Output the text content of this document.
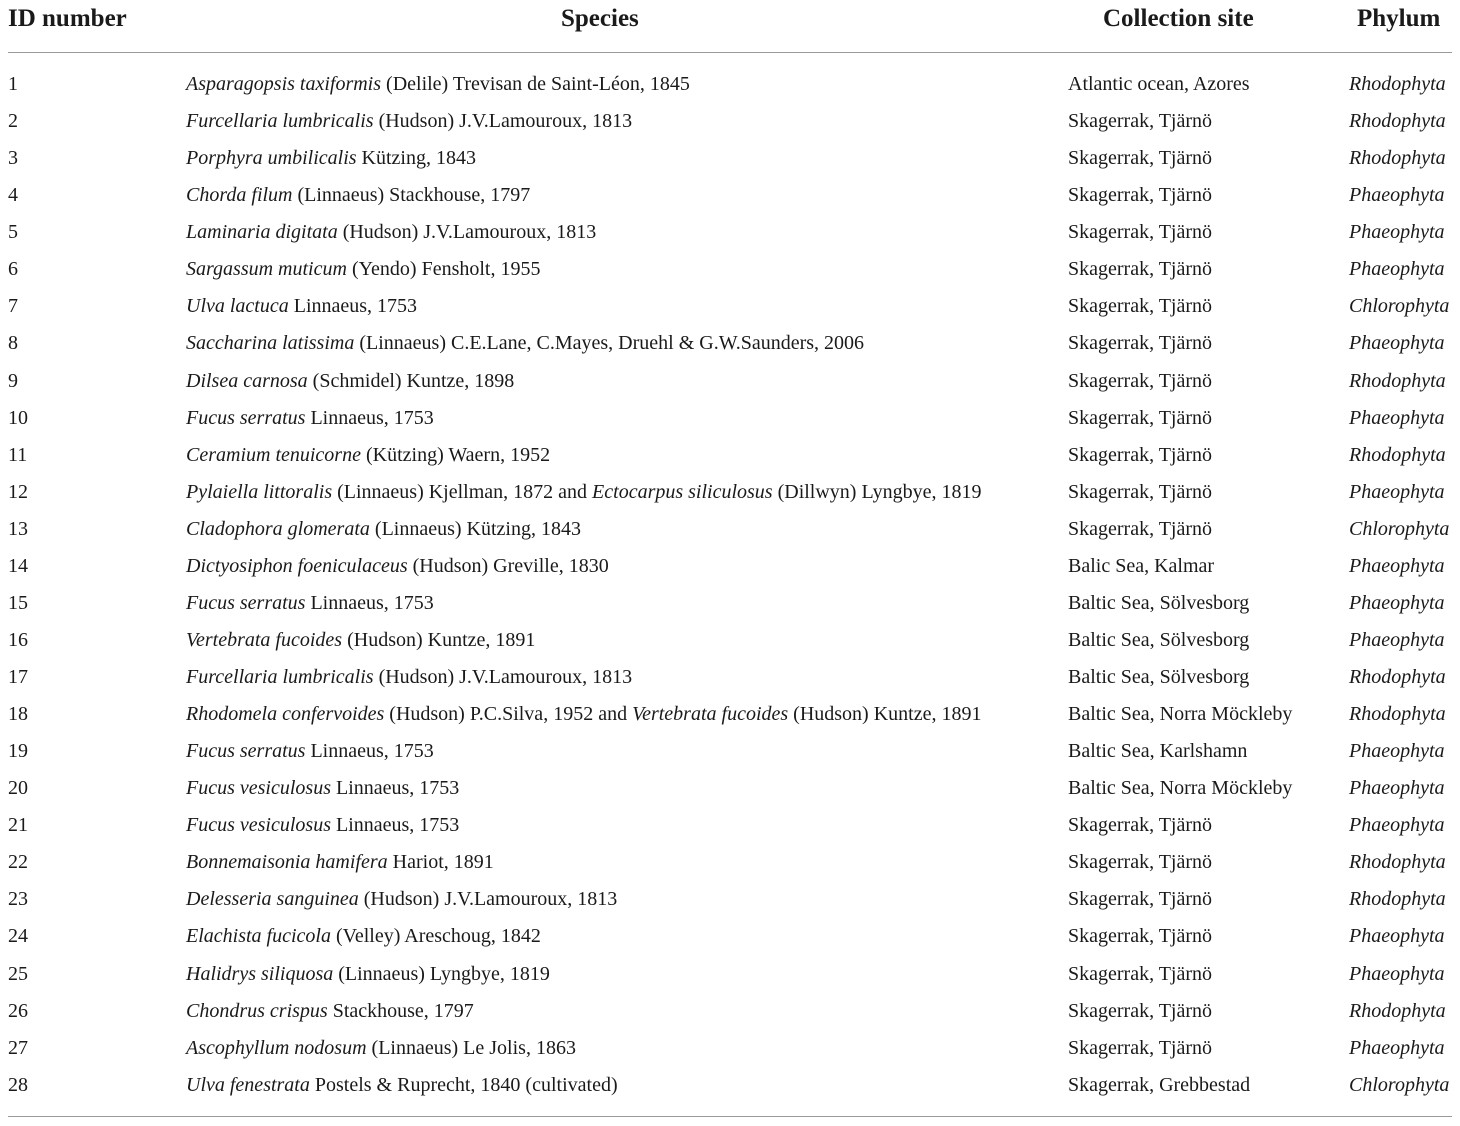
ID number	Species	Collection site	Phylum
1	Asparagopsis taxiformis (Delile) Trevisan de Saint-Léon, 1845	Atlantic ocean, Azores	Rhodophyta
2	Furcellaria lumbricalis (Hudson) J.V.Lamouroux, 1813	Skagerrak, Tjärnö	Rhodophyta
3	Porphyra umbilicalis Kützing, 1843	Skagerrak, Tjärnö	Rhodophyta
4	Chorda filum (Linnaeus) Stackhouse, 1797	Skagerrak, Tjärnö	Phaeophyta
5	Laminaria digitata (Hudson) J.V.Lamouroux, 1813	Skagerrak, Tjärnö	Phaeophyta
6	Sargassum muticum (Yendo) Fensholt, 1955	Skagerrak, Tjärnö	Phaeophyta
7	Ulva lactuca Linnaeus, 1753	Skagerrak, Tjärnö	Chlorophyta
8	Saccharina latissima (Linnaeus) C.E.Lane, C.Mayes, Druehl & G.W.Saunders, 2006	Skagerrak, Tjärnö	Phaeophyta
9	Dilsea carnosa (Schmidel) Kuntze, 1898	Skagerrak, Tjärnö	Rhodophyta
10	Fucus serratus Linnaeus, 1753	Skagerrak, Tjärnö	Phaeophyta
11	Ceramium tenuicorne (Kützing) Waern, 1952	Skagerrak, Tjärnö	Rhodophyta
12	Pylaiella littoralis (Linnaeus) Kjellman, 1872 and Ectocarpus siliculosus (Dillwyn) Lyngbye, 1819	Skagerrak, Tjärnö	Phaeophyta
13	Cladophora glomerata (Linnaeus) Kützing, 1843	Skagerrak, Tjärnö	Chlorophyta
14	Dictyosiphon foeniculaceus (Hudson) Greville, 1830	Balic Sea, Kalmar	Phaeophyta
15	Fucus serratus Linnaeus, 1753	Baltic Sea, Sölvesborg	Phaeophyta
16	Vertebrata fucoides (Hudson) Kuntze, 1891	Baltic Sea, Sölvesborg	Phaeophyta
17	Furcellaria lumbricalis (Hudson) J.V.Lamouroux, 1813	Baltic Sea, Sölvesborg	Rhodophyta
18	Rhodomela confervoides (Hudson) P.C.Silva, 1952 and Vertebrata fucoides (Hudson) Kuntze, 1891	Baltic Sea, Norra Möckleby	Rhodophyta
19	Fucus serratus Linnaeus, 1753	Baltic Sea, Karlshamn	Phaeophyta
20	Fucus vesiculosus Linnaeus, 1753	Baltic Sea, Norra Möckleby	Phaeophyta
21	Fucus vesiculosus Linnaeus, 1753	Skagerrak, Tjärnö	Phaeophyta
22	Bonnemaisonia hamifera Hariot, 1891	Skagerrak, Tjärnö	Rhodophyta
23	Delesseria sanguinea (Hudson) J.V.Lamouroux, 1813	Skagerrak, Tjärnö	Rhodophyta
24	Elachista fucicola (Velley) Areschoug, 1842	Skagerrak, Tjärnö	Phaeophyta
25	Halidrys siliquosa (Linnaeus) Lyngbye, 1819	Skagerrak, Tjärnö	Phaeophyta
26	Chondrus crispus Stackhouse, 1797	Skagerrak, Tjärnö	Rhodophyta
27	Ascophyllum nodosum (Linnaeus) Le Jolis, 1863	Skagerrak, Tjärnö	Phaeophyta
28	Ulva fenestrata Postels & Ruprecht, 1840 (cultivated)	Skagerrak, Grebbestad	Chlorophyta
